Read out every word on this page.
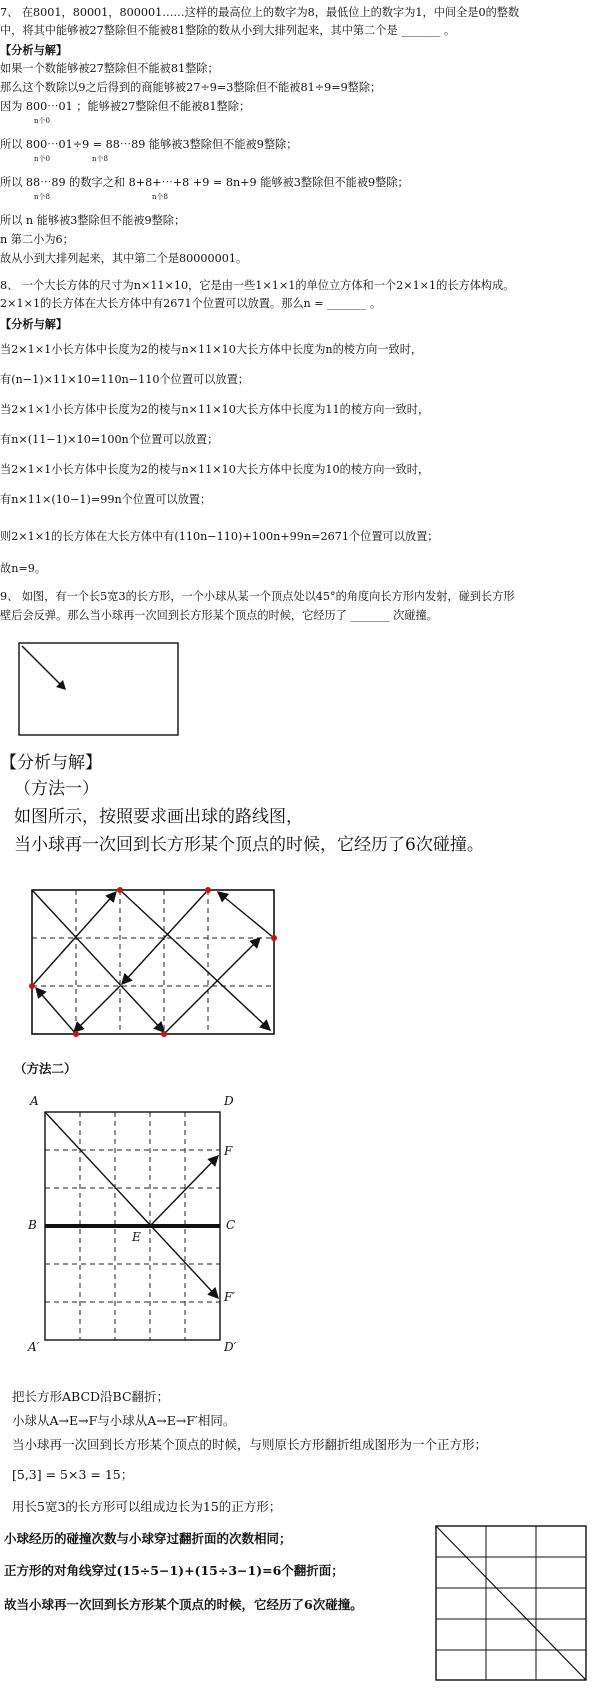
7、 在8001，80001，800001……这样的最高位上的数字为8，最低位上的数字为1，中间全是0的整数
中，将其中能够被27整除但不能被81整除的数从小到大排列起来，其中第二个是 _______ 。
【分析与解】
如果一个数能够被27整除但不能被81整除；
那么这个数除以9之后得到的商能够被27÷9=3整除但不能被81÷9=9整除；
因为 800⋯01 ；能够被27整除但不能被81整除；
n个0
所以 800⋯01÷9 = 88⋯89 能够被3整除但不能被9整除；
n个0	n个8
所以 88⋯89 的数字之和 8+8+⋯+8 +9 = 8n+9 能够被3整除但不能被9整除；
n个8	n个8
所以 n 能够被3整除但不能被9整除；
n 第二小为6；
故从小到大排列起来，其中第二个是80000001。
8、 一个大长方体的尺寸为n×11×10，它是由一些1×1×1的单位立方体和一个2×1×1的长方体构成。
2×1×1的长方体在大长方体中有2671个位置可以放置。那么n = _______ 。
【分析与解】
当2×1×1小长方体中长度为2的棱与n×11×10大长方体中长度为n的棱方向一致时，
有(n−1)×11×10=110n−110个位置可以放置；
当2×1×1小长方体中长度为2的棱与n×11×10大长方体中长度为11的棱方向一致时，
有n×(11−1)×10=100n个位置可以放置；
当2×1×1小长方体中长度为2的棱与n×11×10大长方体中长度为10的棱方向一致时，
有n×11×(10−1)=99n个位置可以放置；
则2×1×1的长方体在大长方体中有(110n−110)+100n+99n=2671个位置可以放置；
故n=9。
9、 如图，有一个长5宽3的长方形，一个小球从某一个顶点处以45°的角度向长方形内发射，碰到长方形
壁后会反弹。那么当小球再一次回到长方形某个顶点的时候，它经历了 _______ 次碰撞。
【分析与解】
（方法一）
如图所示，按照要求画出球的路线图，
当小球再一次回到长方形某个顶点的时候，它经历了6次碰撞。
（方法二）
A	D
F
B	C
E
F′
A′	D′
把长方形ABCD沿BC翻折；
小球从A→E→F与小球从A→E→F′相同。
当小球再一次回到长方形某个顶点的时候，与则原长方形翻折组成图形为一个正方形；
[5,3] = 5×3 = 15；
用长5宽3的长方形可以组成边长为15的正方形；
小球经历的碰撞次数与小球穿过翻折面的次数相同；
正方形的对角线穿过(15÷5−1)+(15÷3−1)=6个翻折面；
故当小球再一次回到长方形某个顶点的时候，它经历了6次碰撞。
